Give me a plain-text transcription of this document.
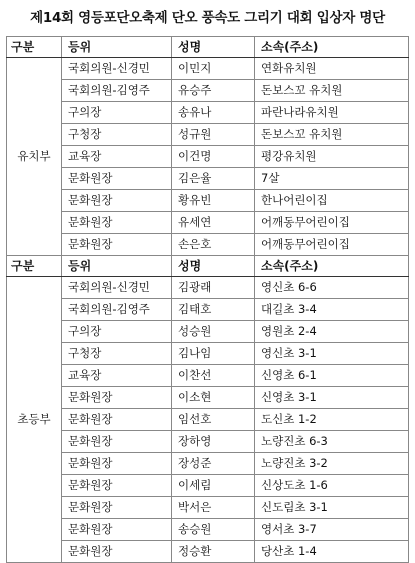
제14회 영등포단오축제 단오 풍속도 그리기 대회 입상자 명단
구분	등위	성명	소속(주소)
유치부	국회의원-신경민	이민지	연화유치원
	국회의원-김영주	유승주	돈보스꼬 유치원
	구의장	송유나	파란나라유치원
	구청장	성규원	돈보스꼬 유치원
	교육장	이건명	평강유치원
	문화원장	김은율	7살
	문화원장	황유빈	한나어린이집
	문화원장	유세연	어깨동무어린이집
	문화원장	손은호	어깨동무어린이집
구분	등위	성명	소속(주소)
초등부	국회의원-신경민	김광래	영신초 6-6
	국회의원-김영주	김태호	대길초 3-4
	구의장	성승원	영원초 2-4
	구청장	김나임	영신초 3-1
	교육장	이찬선	신영초 6-1
	문화원장	이소현	신영초 3-1
	문화원장	임선호	도신초 1-2
	문화원장	장하영	노량진초 6-3
	문화원장	장성준	노량진초 3-2
	문화원장	이세림	신상도초 1-6
	문화원장	박서은	신도림초 3-1
	문화원장	송승원	영서초 3-7
	문화원장	정승환	당산초 1-4
